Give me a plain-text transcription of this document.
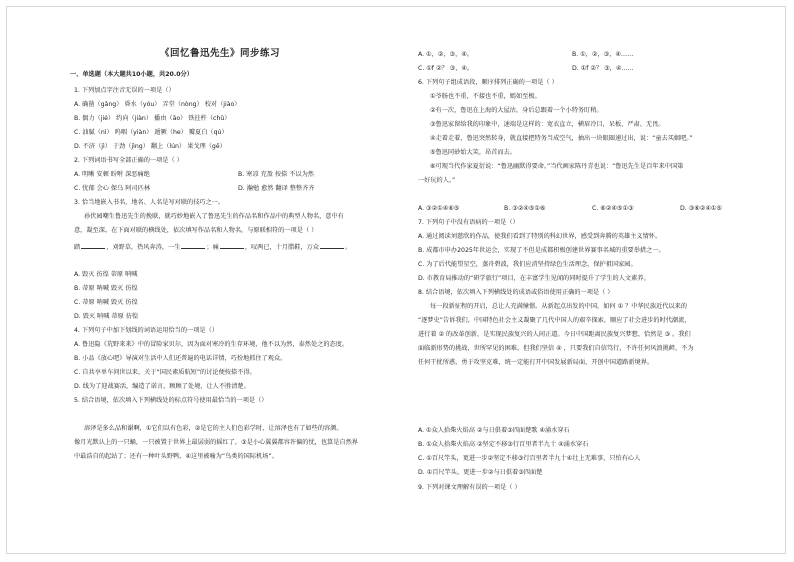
《回忆鲁迅先生》同步练习
一、单选题（本大题共10小题，共20.0分）
1. 下列加点字注音无误的一项是（）
A. 确凿（gǎng） 昏水（yóu） 弄堂（nòng） 校对（jiào）
B. 偶力（jié） 约向（jiàn） 播由（āo） 铁拄杵（chǔ）
C. 油腻（nì） 呜咽（yiàn） 遁厥（he） 瓣夏白（qú）
D. 不济（jì） 于劲（jìng） 翻上（lún） 果戈理（gē）
2. 下列词语书写全部正确的一项是（ ）
A. 明晰 安顿 盼咐 深恶痛绝	B. 寒凉 充盈 按捺 不以为然
C. 忧郁 会心 保乌 阿司匹林	D. 瀚勉 愈然 翻译 整整齐齐
3. 恰当地嵌入书名、地名、人名是写对联的技巧之一。
孙伏园嘲生鲁迅先生的挽联，就巧妙地嵌入了鲁迅先生的作品名和作品中的典型人物名，意中有
意，凝至深。在下面对联的横线处，依次填写作品名和人物名，与原联相符的一项是（ ）
踏	，刈野草，热风奔涛，一生	；痛	，叹两已，十月腊鞋，万众	。
A. 毁灭 彷徨 蒂原 呐喊
B. 蒂原 呐喊 毁灭 彷徨
C. 蒂原 呐喊 毁灭 彷徨
D. 毁灭 呐喊 蒂原 彷徨
4. 下列句子中加下划线的词语运用恰当的一项是（）
A. 鲁迅隐《荒野来来》中的冒险家贝尔，因为面对寒冷的生存环境，他不以为然，泰然处之的态度。
B. 小品《放心吧》导演对生活中人们还普遍的电话详情，巧扮地抓住了观众。
C. 自共享单车问世以来，关于“国民素质航短”的讨论便按捺不得。
D. 线为了迎战赛活，编造了诺言，顾顾了处境，让人不胜清楚。
5. 结合语境，依次填入下列横线处的标点符号使用最恰当的一项是（）
溶泽是多么品和谢啊，①它们以有色彩，②是它的主人们色彩学时，让溶泽也有了如些的容颜。
像月光默认上的一只蛹，一只被置于世界上最孱弱的摇红了，③是小心翼翼都容许偏的忧，也算是自然界
中最浩自的起站了；还有一种叶头野鸭，④这里被喻为“鸟类的国际机场”。
A. ①，②，③，④。	B. ①，②，③，④……
C. ①f ②？ ③，④。	D. ①f ②？ ③，④……
6. 下列句子组成语段，顺序排列正确的一项是（ ）
①爷肠也不重，不接也不重，嫣如至极。
②有一次，鲁迅在上海的大屋沽，身后总跟着一个小特务盯稍。
③鲁迅家留给我的印象中，速端是这样的：宽衣直立，横眉冷目，呆板、严肃、无畏。
④走着走着，鲁迅突然转身，就直接把特务当成空气，抽出一块眼圈递过出，说：“童去买姻吧。”
⑤鲁迅同砂始大笑，昂首而去。
⑥可现当代作家夏衍说：“鲁迅幽默得要命。”当代画家陈丹青也说：“鲁迅先生是百年来中国第
一好玩的人。”
A. ③②①④⑥⑤	B. ③②④⑤①⑥	C. ⑥②④⑤①③	D. ③⑥②④①⑤
7. 下列句子中没有语病的一项是（）
A. 通过阅读刘慈欣的作品，使我们看到了特别的科幻世界，感受到奔腾的英雄主义情怀。
B. 成都市申办2025年世运会，实现了不但是成都积极创建世界赛事名城的重要举措之一。
C. 为了后代能望星空，蒸舟碧波，我们应消坚持绿色生活理念，保护祖国家园。
D. 市教育局推动的“研学旅行”项目，在丰富学生见闻的同时提升了学生的人文素养。
8. 结合语境，依次填入下列横线处的成语或俗语使用正确的一项是（ ）
每一段新征程的开启，总让人充满憧憬。从新起点出发的中国，如何 ① ？中华民族近代以来的
“逐梦史”告诉我们，中国特色社会主义凝聚了几代中国人的艰辛探索，顺应了社会进步的时代潮流，
进行着 ② 的改革创新，是实现民族复兴的人间正道。今日中国距离民族复兴梦想，恰然是 ③ 。我们
面临新形势的挑战，世所罕见的困难。但我们坚信 ④ ，只要我们自信笃行，不许任何风浪挑衅，不为
任何干扰所惑，勇于攻坚克难，统一定能打开中国发展新局面、开创中国道路新境界。
A. ①众人拾柴火焰高 ②与日俱着③四面楚歌 ④涌水穿石
B. ①众人拾柴火焰高 ②坚定不移③行百里者半九十 ④涌水穿石
C. ①百尺竿头，更进一步②坚定不移③行百里者半九十④壮上无难事，只怕有心人
D. ①百尺竿头，更进一步②与日俱着③四面楚
9. 下列对课文理解有误的一项是（ ）
